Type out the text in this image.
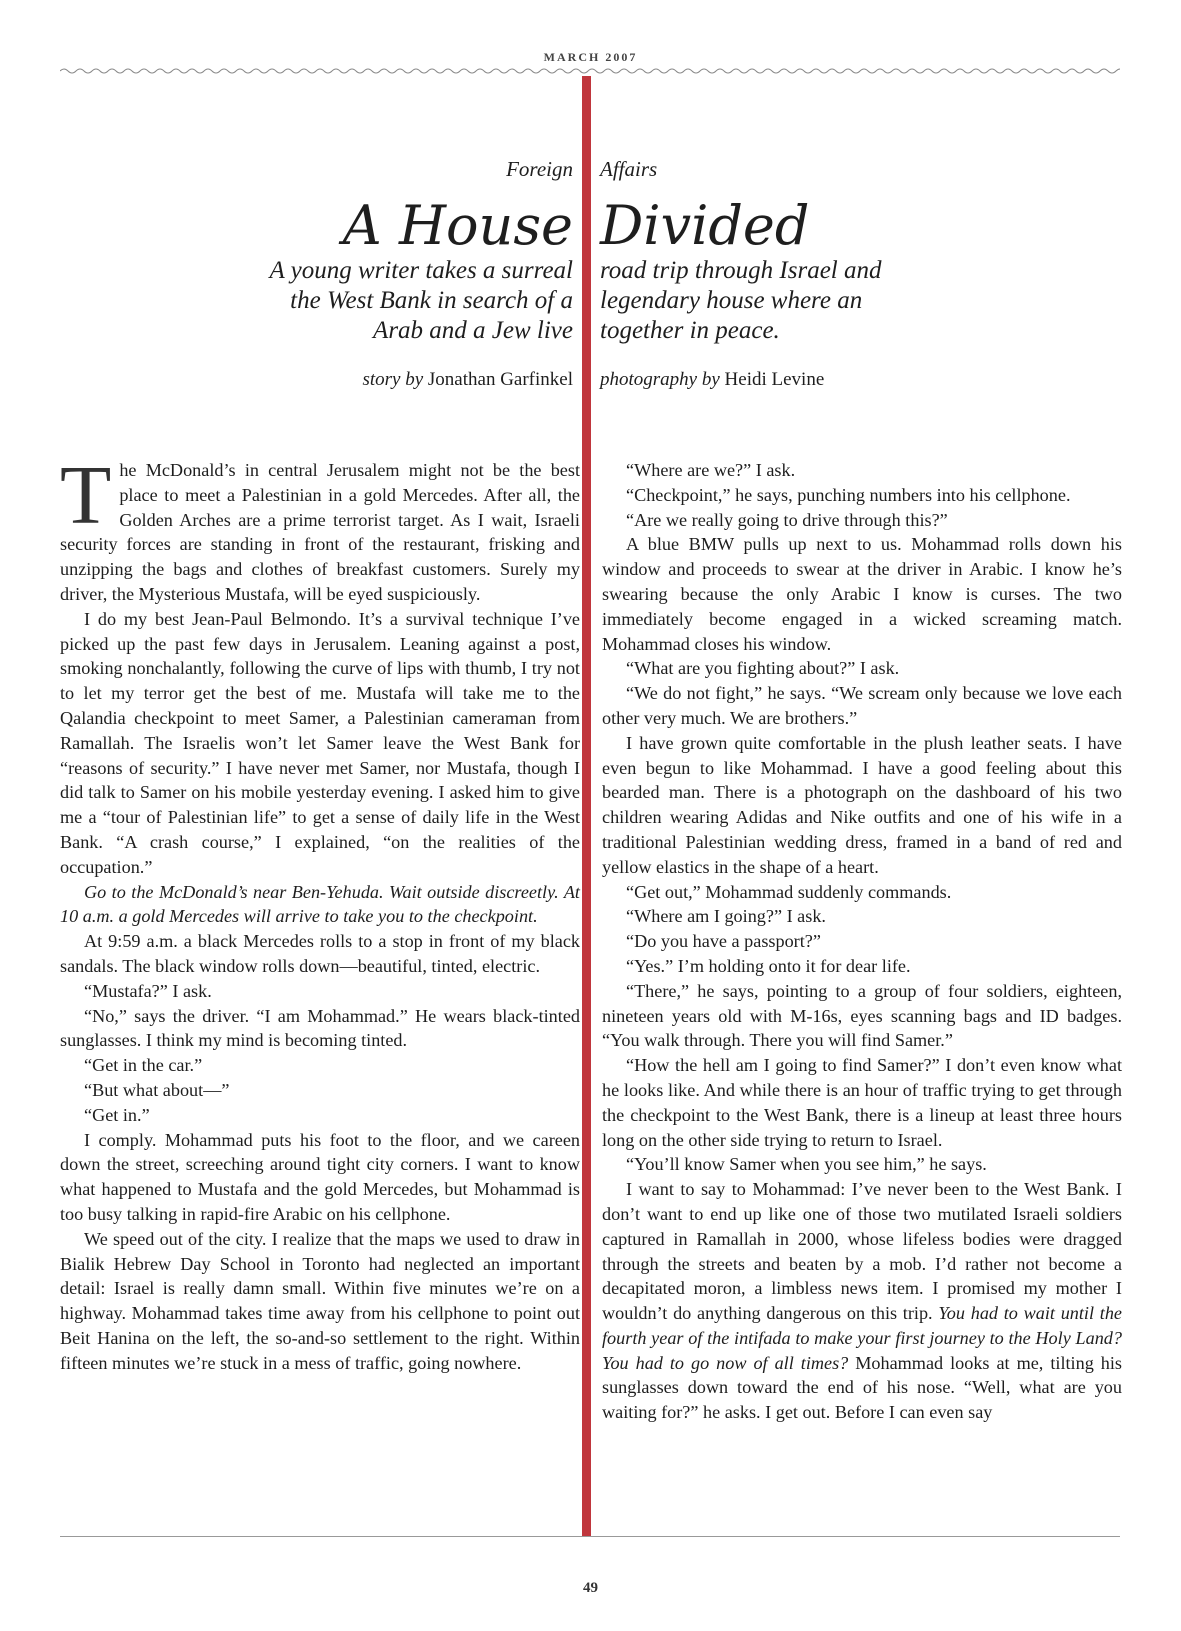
MARCH 2007
Foreign Affairs
A House Divided
A young writer takes a surreal
the West Bank in search of a
Arab and a Jew live
road trip through Israel and
legendary house where an
together in peace.
story by Jonathan Garfinkel photography by Heidi Levine

The McDonald’s in central Jerusalem might not be the best place to meet a Palestinian in a gold Mercedes. After all, the Golden Arches are a prime terrorist target. As I wait, Israeli security forces are standing in front of the restaurant, frisking and unzipping the bags and clothes of breakfast customers. Surely my driver, the Mysterious Mustafa, will be eyed suspiciously.

I do my best Jean-Paul Belmondo. It’s a survival technique I’ve picked up the past few days in Jerusalem. Leaning against a post, smoking nonchalantly, following the curve of lips with thumb, I try not to let my terror get the best of me. Mustafa will take me to the Qalandia checkpoint to meet Samer, a Palestinian cameraman from Ramallah. The Israelis won’t let Samer leave the West Bank for “reasons of security.” I have never met Samer, nor Mustafa, though I did talk to Samer on his mobile yesterday evening. I asked him to give me a “tour of Palestinian life” to get a sense of daily life in the West Bank. “A crash course,” I explained, “on the realities of the occupation.”

Go to the McDonald’s near Ben-Yehuda. Wait outside discreetly. At 10 a.m. a gold Mercedes will arrive to take you to the checkpoint.

At 9:59 a.m. a black Mercedes rolls to a stop in front of my black sandals. The black window rolls down—beautiful, tinted, electric.

“Mustafa?” I ask.

“No,” says the driver. “I am Mohammad.” He wears black-tinted sunglasses. I think my mind is becoming tinted.

“Get in the car.”

“But what about—”

“Get in.”

I comply. Mohammad puts his foot to the floor, and we careen down the street, screeching around tight city corners. I want to know what happened to Mustafa and the gold Mercedes, but Mohammad is too busy talking in rapid-fire Arabic on his cellphone.

We speed out of the city. I realize that the maps we used to draw in Bialik Hebrew Day School in Toronto had neglected an important detail: Israel is really damn small. Within five minutes we’re on a highway. Mohammad takes time away from his cellphone to point out Beit Hanina on the left, the so-and-so settlement to the right. Within fifteen minutes we’re stuck in a mess of traffic, going nowhere.

“Where are we?” I ask.

“Checkpoint,” he says, punching numbers into his cellphone.

“Are we really going to drive through this?”

A blue BMW pulls up next to us. Mohammad rolls down his window and proceeds to swear at the driver in Arabic. I know he’s swearing because the only Arabic I know is curses. The two immediately become engaged in a wicked screaming match. Mohammad closes his window.

“What are you fighting about?” I ask.

“We do not fight,” he says. “We scream only because we love each other very much. We are brothers.”

I have grown quite comfortable in the plush leather seats. I have even begun to like Mohammad. I have a good feeling about this bearded man. There is a photograph on the dashboard of his two children wearing Adidas and Nike outfits and one of his wife in a traditional Palestinian wedding dress, framed in a band of red and yellow elastics in the shape of a heart.

“Get out,” Mohammad suddenly commands.

“Where am I going?” I ask.

“Do you have a passport?”

“Yes.” I’m holding onto it for dear life.

“There,” he says, pointing to a group of four soldiers, eighteen, nineteen years old with M-16s, eyes scanning bags and ID badges. “You walk through. There you will find Samer.”

“How the hell am I going to find Samer?” I don’t even know what he looks like. And while there is an hour of traffic trying to get through the checkpoint to the West Bank, there is a lineup at least three hours long on the other side trying to return to Israel.

“You’ll know Samer when you see him,” he says.

I want to say to Mohammad: I’ve never been to the West Bank. I don’t want to end up like one of those two mutilated Israeli soldiers captured in Ramallah in 2000, whose lifeless bodies were dragged through the streets and beaten by a mob. I’d rather not become a decapitated moron, a limbless news item. I promised my mother I wouldn’t do anything dangerous on this trip. You had to wait until the fourth year of the intifada to make your first journey to the Holy Land? You had to go now of all times? Mohammad looks at me, tilting his sunglasses down toward the end of his nose. “Well, what are you waiting for?” he asks. I get out. Before I can even say

49
